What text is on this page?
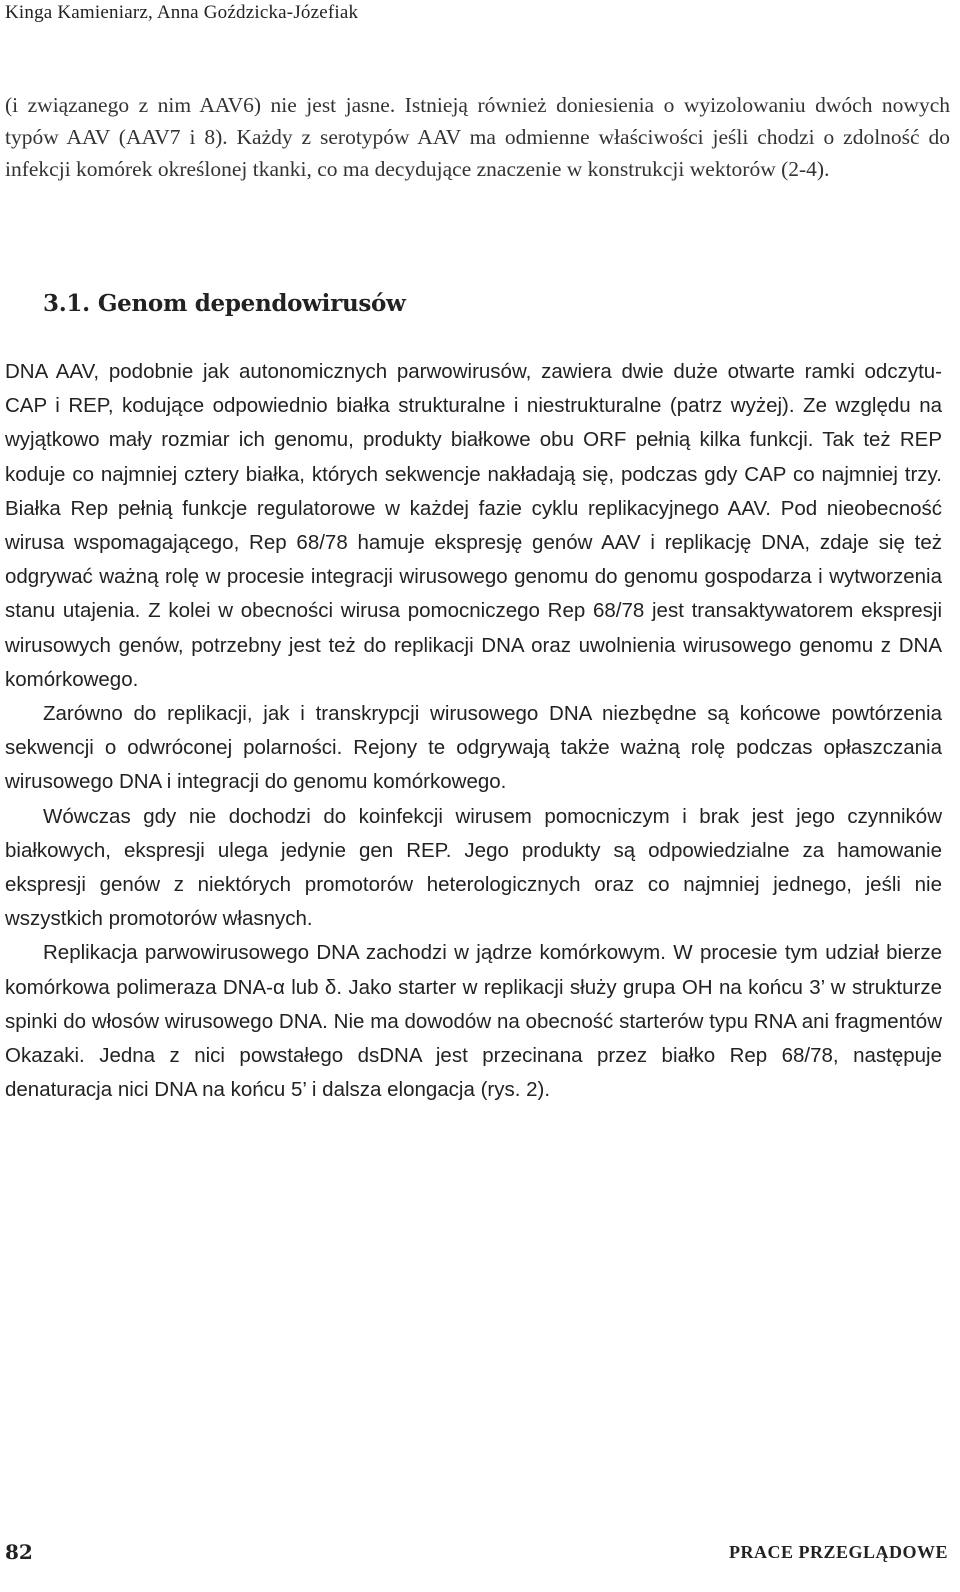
Kinga Kamieniarz, Anna Goździcka-Józefiak

(i związanego z nim AAV6) nie jest jasne. Istnieją również doniesienia o wyizolowaniu dwóch nowych typów AAV (AAV7 i 8). Każdy z serotypów AAV ma odmienne właściwości jeśli chodzi o zdolność do infekcji komórek określonej tkanki, co ma decydujące znaczenie w konstrukcji wektorów (2-4).

3.1. Genom dependowirusów

DNA AAV, podobnie jak autonomicznych parwowirusów, zawiera dwie duże otwarte ramki odczytu- CAP i REP, kodujące odpowiednio białka strukturalne i niestrukturalne (patrz wyżej). Ze względu na wyjątkowo mały rozmiar ich genomu, produkty białkowe obu ORF pełnią kilka funkcji. Tak też REP koduje co najmniej cztery białka, których sekwencje nakładają się, podczas gdy CAP co najmniej trzy. Białka Rep pełnią funkcje regulatorowe w każdej fazie cyklu replikacyjnego AAV. Pod nieobecność wirusa wspomagającego, Rep 68/78 hamuje ekspresję genów AAV i replikację DNA, zdaje się też odgrywać ważną rolę w procesie integracji wirusowego genomu do genomu gospodarza i wytworzenia stanu utajenia. Z kolei w obecności wirusa pomocniczego Rep 68/78 jest transaktywatorem ekspresji wirusowych genów, potrzebny jest też do replikacji DNA oraz uwolnienia wirusowego genomu z DNA komórkowego.

Zarówno do replikacji, jak i transkrypcji wirusowego DNA niezbędne są końcowe powtórzenia sekwencji o odwróconej polarności. Rejony te odgrywają także ważną rolę podczas opłaszczania wirusowego DNA i integracji do genomu komórkowego.

Wówczas gdy nie dochodzi do koinfekcji wirusem pomocniczym i brak jest jego czynników białkowych, ekspresji ulega jedynie gen REP. Jego produkty są odpowiedzialne za hamowanie ekspresji genów z niektórych promotorów heterologicznych oraz co najmniej jednego, jeśli nie wszystkich promotorów własnych.

Replikacja parwowirusowego DNA zachodzi w jądrze komórkowym. W procesie tym udział bierze komórkowa polimeraza DNA-α lub δ. Jako starter w replikacji służy grupa OH na końcu 3’ w strukturze spinki do włosów wirusowego DNA. Nie ma dowodów na obecność starterów typu RNA ani fragmentów Okazaki. Jedna z nici powstałego dsDNA jest przecinana przez białko Rep 68/78, następuje denaturacja nici DNA na końcu 5’ i dalsza elongacja (rys. 2).

82	PRACE PRZEGLĄDOWE
